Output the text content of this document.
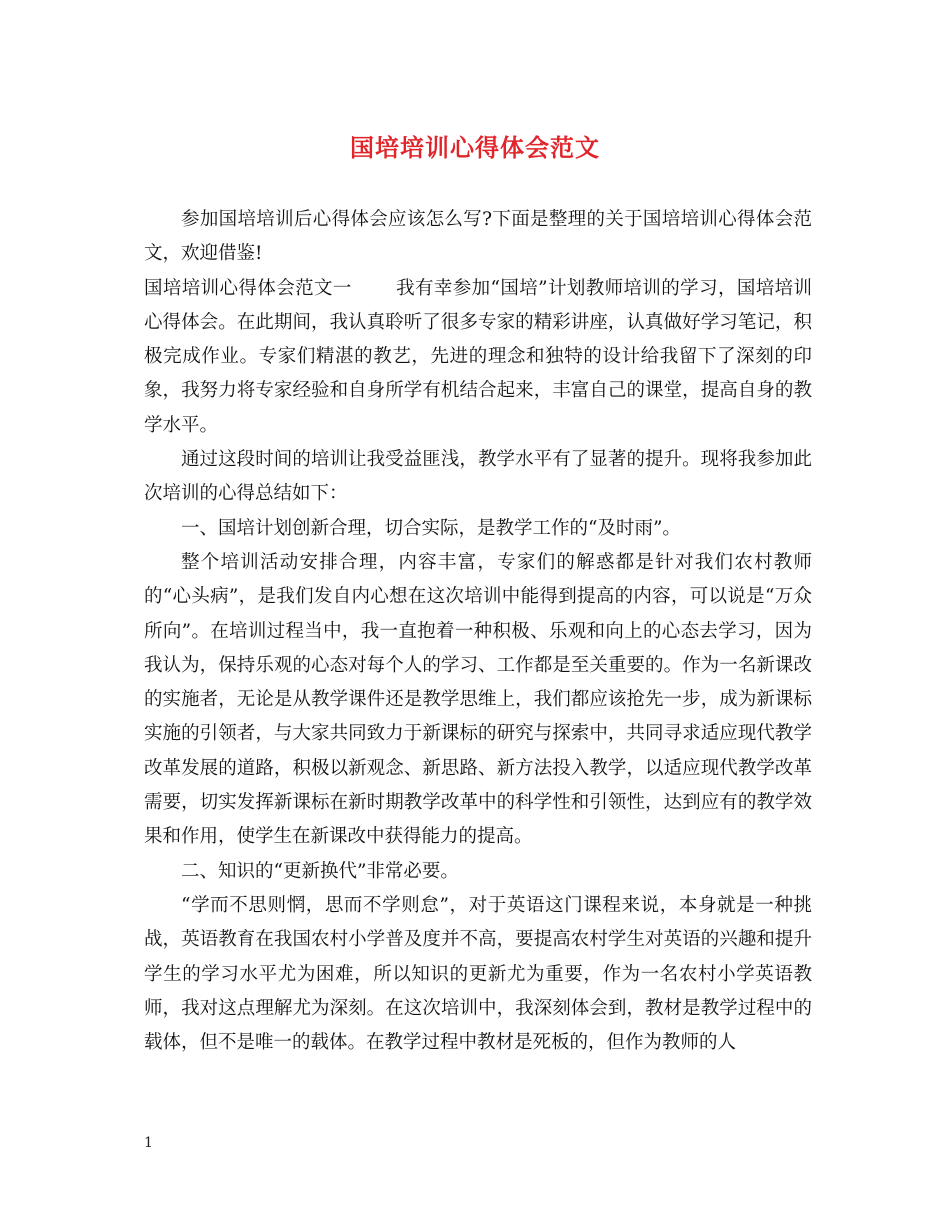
国培培训心得体会范文

参加国培培训后心得体会应该怎么写?下面是整理的关于国培培训心得体会范文，欢迎借鉴!

国培培训心得体会范文一 我有幸参加“国培”计划教师培训的学习，国培培训心得体会。在此期间，我认真聆听了很多专家的精彩讲座，认真做好学习笔记，积极完成作业。专家们精湛的教艺，先进的理念和独特的设计给我留下了深刻的印象，我努力将专家经验和自身所学有机结合起来，丰富自己的课堂，提高自身的教学水平。

通过这段时间的培训让我受益匪浅，教学水平有了显著的提升。现将我参加此次培训的心得总结如下：

一、国培计划创新合理，切合实际，是教学工作的“及时雨”。

整个培训活动安排合理，内容丰富，专家们的解惑都是针对我们农村教师的“心头病”，是我们发自内心想在这次培训中能得到提高的内容，可以说是“万众所向”。在培训过程当中，我一直抱着一种积极、乐观和向上的心态去学习，因为我认为，保持乐观的心态对每个人的学习、工作都是至关重要的。作为一名新课改的实施者，无论是从教学课件还是教学思维上，我们都应该抢先一步，成为新课标实施的引领者，与大家共同致力于新课标的研究与探索中，共同寻求适应现代教学改革发展的道路，积极以新观念、新思路、新方法投入教学，以适应现代教学改革需要，切实发挥新课标在新时期教学改革中的科学性和引领性，达到应有的教学效果和作用，使学生在新课改中获得能力的提高。

二、知识的“更新换代”非常必要。

“学而不思则惘，思而不学则怠”，对于英语这门课程来说，本身就是一种挑战，英语教育在我国农村小学普及度并不高，要提高农村学生对英语的兴趣和提升学生的学习水平尤为困难，所以知识的更新尤为重要，作为一名农村小学英语教师，我对这点理解尤为深刻。在这次培训中，我深刻体会到，教材是教学过程中的载体，但不是唯一的载体。在教学过程中教材是死板的，但作为教师的人

1
